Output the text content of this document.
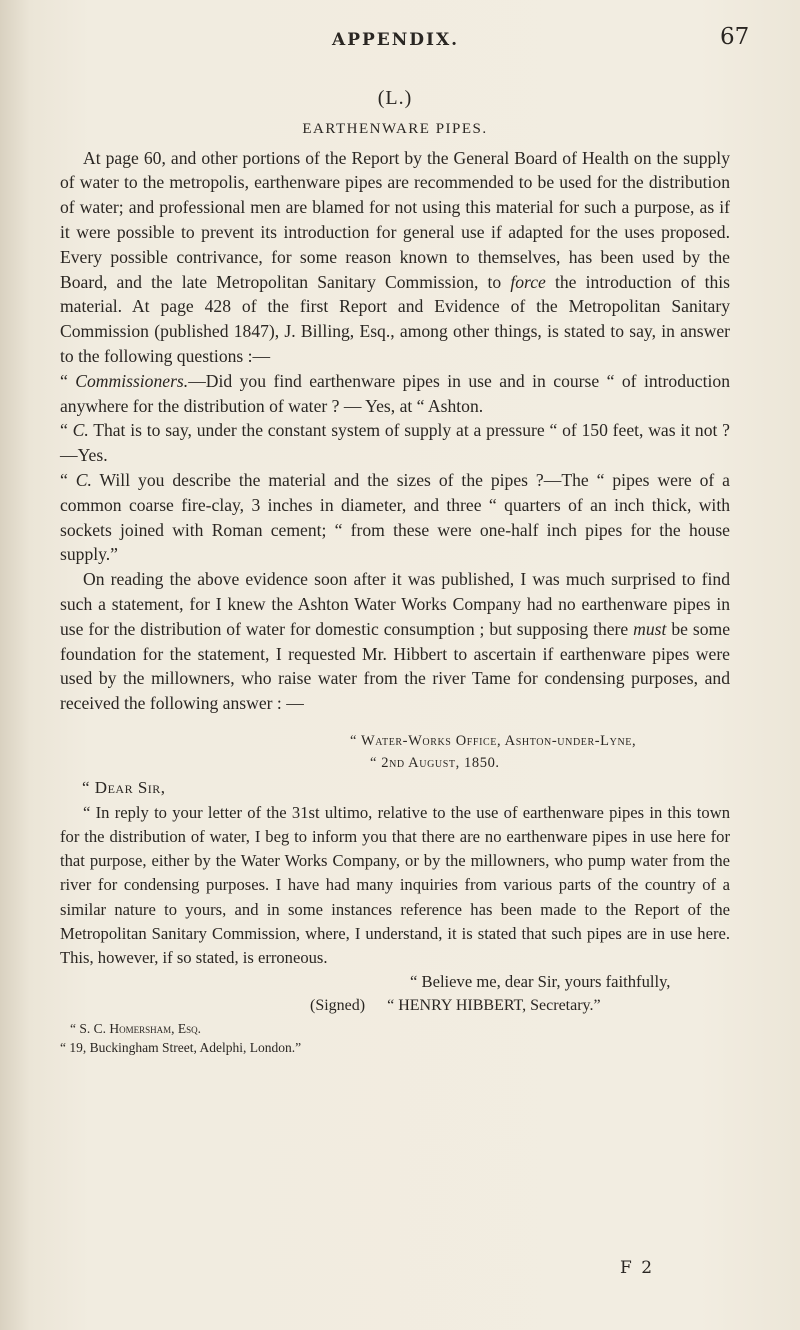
APPENDIX.	67
(L.)
EARTHENWARE PIPES.

At page 60, and other portions of the Report by the General Board of Health on the supply of water to the metropolis, earthenware pipes are recommended to be used for the distribution of water; and professional men are blamed for not using this material for such a purpose, as if it were possible to prevent its introduction for general use if adapted for the uses proposed. Every possible contrivance, for some reason known to themselves, has been used by the Board, and the late Metropolitan Sanitary Commission, to force the introduction of this material. At page 428 of the first Report and Evidence of the Metropolitan Sanitary Commission (published 1847), J. Billing, Esq., among other things, is stated to say, in answer to the following questions :—

“ Commissioners.—Did you find earthenware pipes in use and in course “ of introduction anywhere for the distribution of water ? — Yes, at “ Ashton.

“ C. That is to say, under the constant system of supply at a pressure “ of 150 feet, was it not ?—Yes.

“ C. Will you describe the material and the sizes of the pipes ?—The “ pipes were of a common coarse fire-clay, 3 inches in diameter, and three “ quarters of an inch thick, with sockets joined with Roman cement; “ from these were one-half inch pipes for the house supply.”

On reading the above evidence soon after it was published, I was much surprised to find such a statement, for I knew the Ashton Water Works Company had no earthenware pipes in use for the distribution of water for domestic consumption ; but supposing there must be some foundation for the statement, I requested Mr. Hibbert to ascertain if earthenware pipes were used by the millowners, who raise water from the river Tame for condensing purposes, and received the following answer : —

“ Water-Works Office, Ashton-under-Lyne,
“ 2nd August, 1850.
“ Dear Sir,

“ In reply to your letter of the 31st ultimo, relative to the use of earthenware pipes in this town for the distribution of water, I beg to inform you that there are no earthenware pipes in use here for that purpose, either by the Water Works Company, or by the millowners, who pump water from the river for condensing purposes. I have had many inquiries from various parts of the country of a similar nature to yours, and in some instances reference has been made to the Report of the Metropolitan Sanitary Commission, where, I understand, it is stated that such pipes are in use here. This, however, if so stated, is erroneous.

“ Believe me, dear Sir, yours faithfully,
(Signed) “ HENRY HIBBERT, Secretary.”
“ S. C. Homersham, Esq.
“ 19, Buckingham Street, Adelphi, London.”
F 2
